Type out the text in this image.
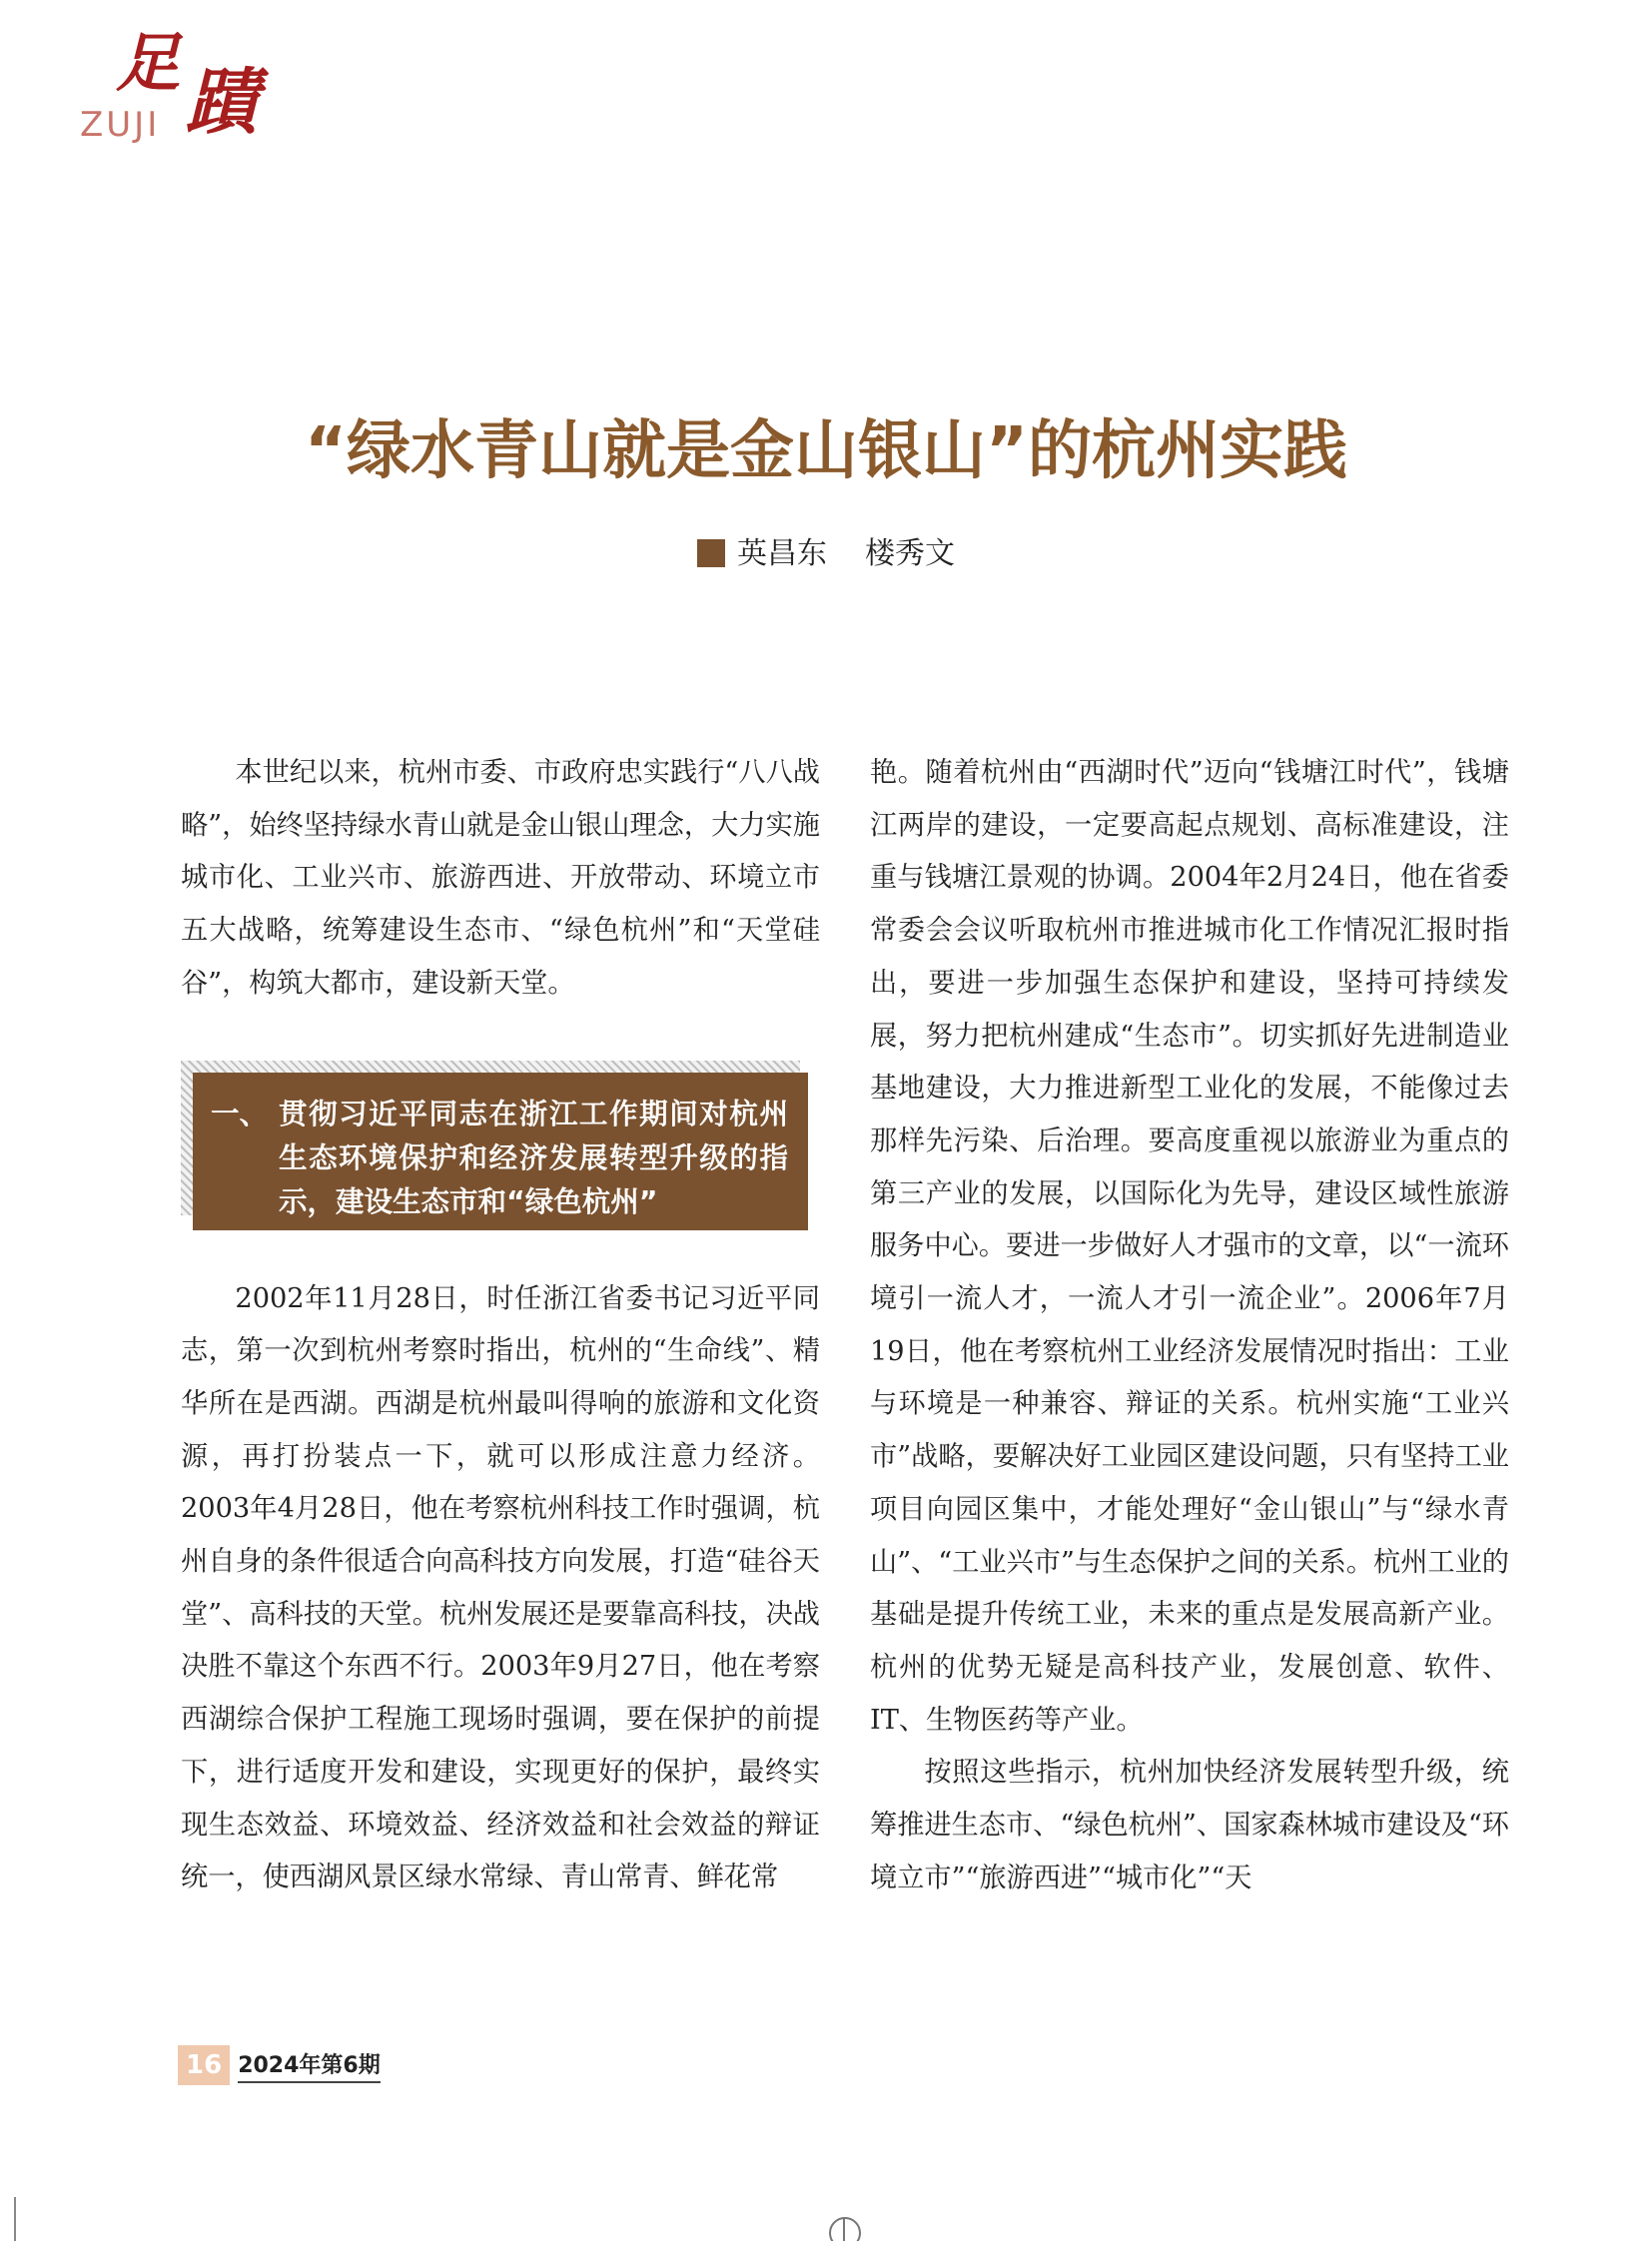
足 蹟
ZUJI
“绿水青山就是金山银山”的杭州实践
英昌东 楼秀文

本世纪以来，杭州市委、市政府忠实践行“八八战略”，始终坚持绿水青山就是金山银山理念，大力实施城市化、工业兴市、旅游西进、开放带动、环境立市五大战略，统筹建设生态市、“绿色杭州”和“天堂硅谷”，构筑大都市，建设新天堂。

一、 贯彻习近平同志在浙江工作期间对杭州生态环境保护和经济发展转型升级的指示，建设生态市和“绿色杭州”

2002年11月28日，时任浙江省委书记习近平同志，第一次到杭州考察时指出，杭州的“生命线”、精华所在是西湖。西湖是杭州最叫得响的旅游和文化资源，再打扮装点一下，就可以形成注意力经济。2003年4月28日，他在考察杭州科技工作时强调，杭州自身的条件很适合向高科技方向发展，打造“硅谷天堂”、高科技的天堂。杭州发展还是要靠高科技，决战决胜不靠这个东西不行。2003年9月27日，他在考察西湖综合保护工程施工现场时强调，要在保护的前提下，进行适度开发和建设，实现更好的保护，最终实现生态效益、环境效益、经济效益和社会效益的辩证统一，使西湖风景区绿水常绿、青山常青、鲜花常

艳。随着杭州由“西湖时代”迈向“钱塘江时代”，钱塘江两岸的建设，一定要高起点规划、高标准建设，注重与钱塘江景观的协调。2004年2月24日，他在省委常委会会议听取杭州市推进城市化工作情况汇报时指出，要进一步加强生态保护和建设，坚持可持续发展，努力把杭州建成“生态市”。切实抓好先进制造业基地建设，大力推进新型工业化的发展，不能像过去那样先污染、后治理。要高度重视以旅游业为重点的第三产业的发展，以国际化为先导，建设区域性旅游服务中心。要进一步做好人才强市的文章，以“一流环境引一流人才，一流人才引一流企业”。2006年7月19日，他在考察杭州工业经济发展情况时指出：工业与环境是一种兼容、辩证的关系。杭州实施“工业兴市”战略，要解决好工业园区建设问题，只有坚持工业项目向园区集中，才能处理好“金山银山”与“绿水青山”、“工业兴市”与生态保护之间的关系。杭州工业的基础是提升传统工业，未来的重点是发展高新产业。杭州的优势无疑是高科技产业，发展创意、软件、IT、生物医药等产业。

按照这些指示，杭州加快经济发展转型升级，统筹推进生态市、“绿色杭州”、国家森林城市建设及“环境立市”“旅游西进”“城市化”“天

16 2024年第6期
